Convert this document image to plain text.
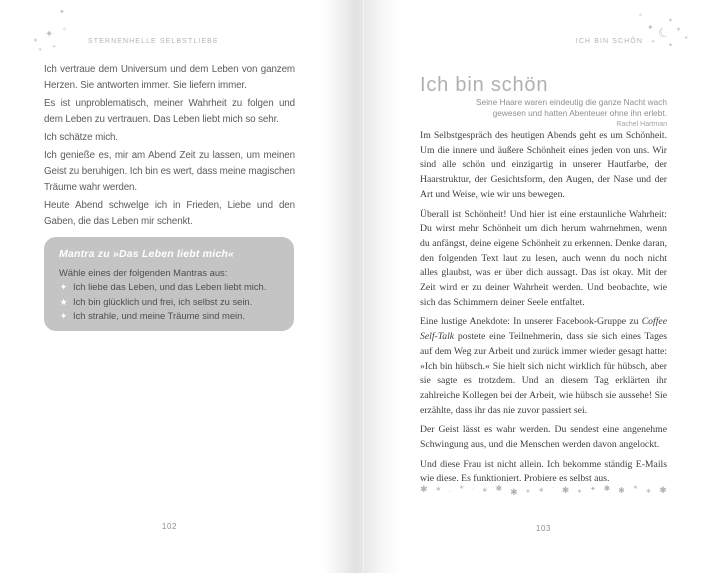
✦
✧
✦
∗
✦
∗
✧
✦
∗
☾ ∗
✦
✦
∗
STERNENHELLE SELBSTLIEBE

Ich vertraue dem Universum und dem Leben von ganzem Herzen. Sie antworten immer. Sie liefern immer.

Es ist unproblematisch, meiner Wahrheit zu folgen und dem Leben zu vertrauen. Das Leben liebt mich so sehr.

Ich schätze mich.

Ich genieße es, mir am Abend Zeit zu lassen, um meinen Geist zu beruhigen. Ich bin es wert, dass meine magischen Träume wahr werden.

Heute Abend schwelge ich in Frieden, Liebe und den Gaben, die das Leben mir schenkt.

Mantra zu »Das Leben liebt mich«

Wähle eines der folgenden Mantras aus:

✦ Ich liebe das Leben, und das Leben liebt mich.
★ Ich bin glücklich und frei, ich selbst zu sein.
✦ Ich strahle, und meine Träume sind mein.
102
ICH BIN SCHÖN
Ich bin schön
Seine Haare waren eindeutig die ganze Nacht wach
gewesen und hatten Abenteuer ohne ihn erlebt.
Rachel Hartman

Im Selbstgespräch des heutigen Abends geht es um Schönheit. Um die innere und äußere Schönheit eines jeden von uns. Wir sind alle schön und einzigartig in unserer Hautfarbe, der Haarstruktur, der Gesichtsform, den Augen, der Nase und der Art und Weise, wie wir uns bewegen.

Überall ist Schönheit! Und hier ist eine erstaunliche Wahrheit: Du wirst mehr Schönheit um dich herum wahrnehmen, wenn du anfängst, deine eigene Schönheit zu erkennen. Denke daran, den folgenden Text laut zu lesen, auch wenn du noch nicht alles glaubst, was er über dich aussagt. Das ist okay. Mit der Zeit wird er zu deiner Wahrheit werden. Und beobachte, wie sich das Schimmern deiner Seele entfaltet.

Eine lustige Anekdote: In unserer Facebook-Gruppe zu Coffee Self-Talk postete eine Teilnehmerin, dass sie sich eines Tages auf dem Weg zur Arbeit und zurück immer wieder gesagt hatte: »Ich bin hübsch.« Sie hielt sich nicht wirklich für hübsch, aber sie sagte es trotzdem. Und an diesem Tag erklärten ihr zahlreiche Kollegen bei der Arbeit, wie hübsch sie aussehe! Sie erzählte, dass ihr das nie zuvor passiert sei.

Der Geist lässt es wahr werden. Du sendest eine angenehme Schwingung aus, und die Menschen werden davon angelockt.

Und diese Frau ist nicht allein. Ich bekomme ständig E-Mails wie diese. Es funktioniert. Probiere es selbst aus.

✱ ∗ · ∗ · ∗ ✱ ✱ ∗ ∗ · ✱ ∗ ✦ ✱ ✱ ∗ ∗ ✱
103
